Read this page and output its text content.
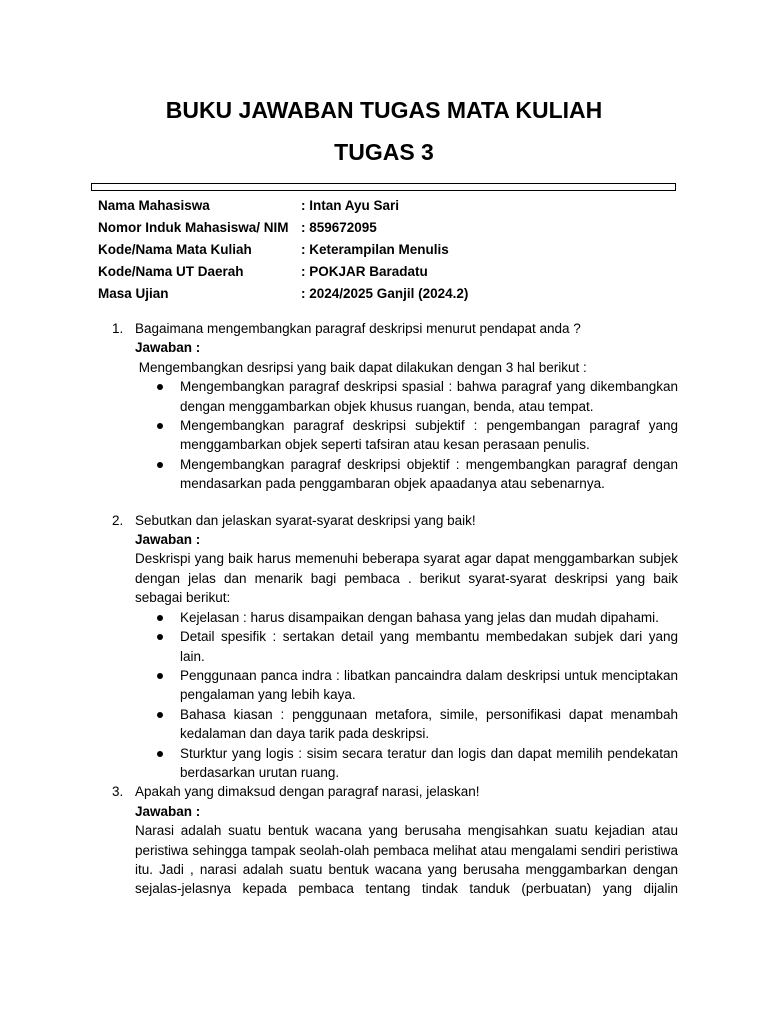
BUKU JAWABAN TUGAS MATA KULIAH
TUGAS 3
Nama Mahasiswa	: Intan Ayu Sari
Nomor Induk Mahasiswa/ NIM : 859672095
Kode/Nama Mata Kuliah	: Keterampilan Menulis
Kode/Nama UT Daerah	: POKJAR Baradatu
Masa Ujian	: 2024/2025 Ganjil (2024.2)
1. Bagaimana mengembangkan paragraf deskripsi menurut pendapat anda ?
Jawaban :
Mengembangkan desripsi yang baik dapat dilakukan dengan 3 hal berikut :
Mengembangkan paragraf deskripsi spasial : bahwa paragraf yang dikembangkan dengan menggambarkan objek khusus ruangan, benda, atau tempat.
Mengembangkan paragraf deskripsi subjektif : pengembangan paragraf yang menggambarkan objek seperti tafsiran atau kesan perasaan penulis.
Mengembangkan paragraf deskripsi objektif : mengembangkan paragraf dengan mendasarkan pada penggambaran objek apaadanya atau sebenarnya.
2. Sebutkan dan jelaskan syarat-syarat deskripsi yang baik!
Jawaban :
Deskrispi yang baik harus memenuhi beberapa syarat agar dapat menggambarkan subjek dengan jelas dan menarik bagi pembaca . berikut syarat-syarat deskripsi yang baik sebagai berikut:
Kejelasan : harus disampaikan dengan bahasa yang jelas dan mudah dipahami.
Detail spesifik : sertakan detail yang membantu membedakan subjek dari yang lain.
Penggunaan panca indra : libatkan pancaindra dalam deskripsi untuk menciptakan pengalaman yang lebih kaya.
Bahasa kiasan : penggunaan metafora, simile, personifikasi dapat menambah kedalaman dan daya tarik pada deskripsi.
Sturktur yang logis : sisim secara teratur dan logis dan dapat memilih pendekatan berdasarkan urutan ruang.
3. Apakah yang dimaksud dengan paragraf narasi, jelaskan!
Jawaban :
Narasi adalah suatu bentuk wacana yang berusaha mengisahkan suatu kejadian atau peristiwa sehingga tampak seolah-olah pembaca melihat atau mengalami sendiri peristiwa itu. Jadi , narasi adalah suatu bentuk wacana yang berusaha menggambarkan dengan sejalas-jelasnya kepada pembaca tentang tindak tanduk (perbuatan) yang dijalin
